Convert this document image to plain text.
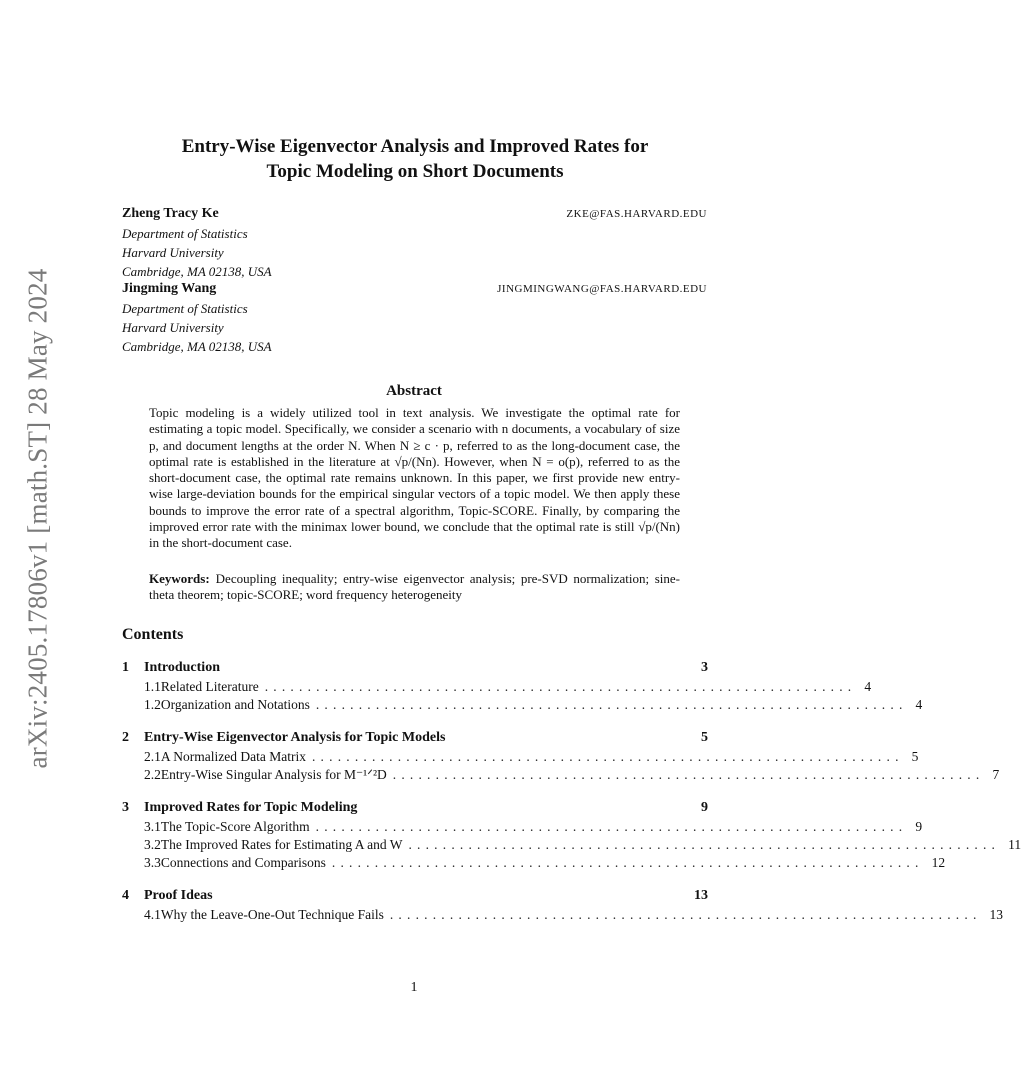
arXiv:2405.17806v1 [math.ST] 28 May 2024
Entry-Wise Eigenvector Analysis and Improved Rates for
Topic Modeling on Short Documents
Zheng Tracy Ke	ZKE@FAS.HARVARD.EDU
Department of Statistics
Harvard University
Cambridge, MA 02138, USA
Jingming Wang	JINGMINGWANG@FAS.HARVARD.EDU
Department of Statistics
Harvard University
Cambridge, MA 02138, USA
Abstract
Topic modeling is a widely utilized tool in text analysis. We investigate the optimal rate for estimating a topic model. Specifically, we consider a scenario with n documents, a vocabulary of size p, and document lengths at the order N. When N ≥ c · p, referred to as the long-document case, the optimal rate is established in the literature at √p/(Nn). However, when N = o(p), referred to as the short-document case, the optimal rate remains unknown. In this paper, we first provide new entry-wise large-deviation bounds for the empirical singular vectors of a topic model. We then apply these bounds to improve the error rate of a spectral algorithm, Topic-SCORE. Finally, by comparing the improved error rate with the minimax lower bound, we conclude that the optimal rate is still √p/(Nn) in the short-document case.
Keywords: Decoupling inequality; entry-wise eigenvector analysis; pre-SVD normalization; sine-theta theorem; topic-SCORE; word frequency heterogeneity
Contents
1	Introduction	3
1.1 Related Literature ..................................................................... 4
1.2 Organization and Notations ..................................................................... 4
2	Entry-Wise Eigenvector Analysis for Topic Models	5
2.1 A Normalized Data Matrix ..................................................................... 5
2.2 Entry-Wise Singular Analysis for M⁻¹ᐟ²D ..................................................................... 7
3	Improved Rates for Topic Modeling	9
3.1 The Topic-Score Algorithm ..................................................................... 9
3.2 The Improved Rates for Estimating A and W ..................................................................... 11
3.3 Connections and Comparisons ..................................................................... 12
4	Proof Ideas	13
4.1 Why the Leave-One-Out Technique Fails ..................................................................... 13
1
